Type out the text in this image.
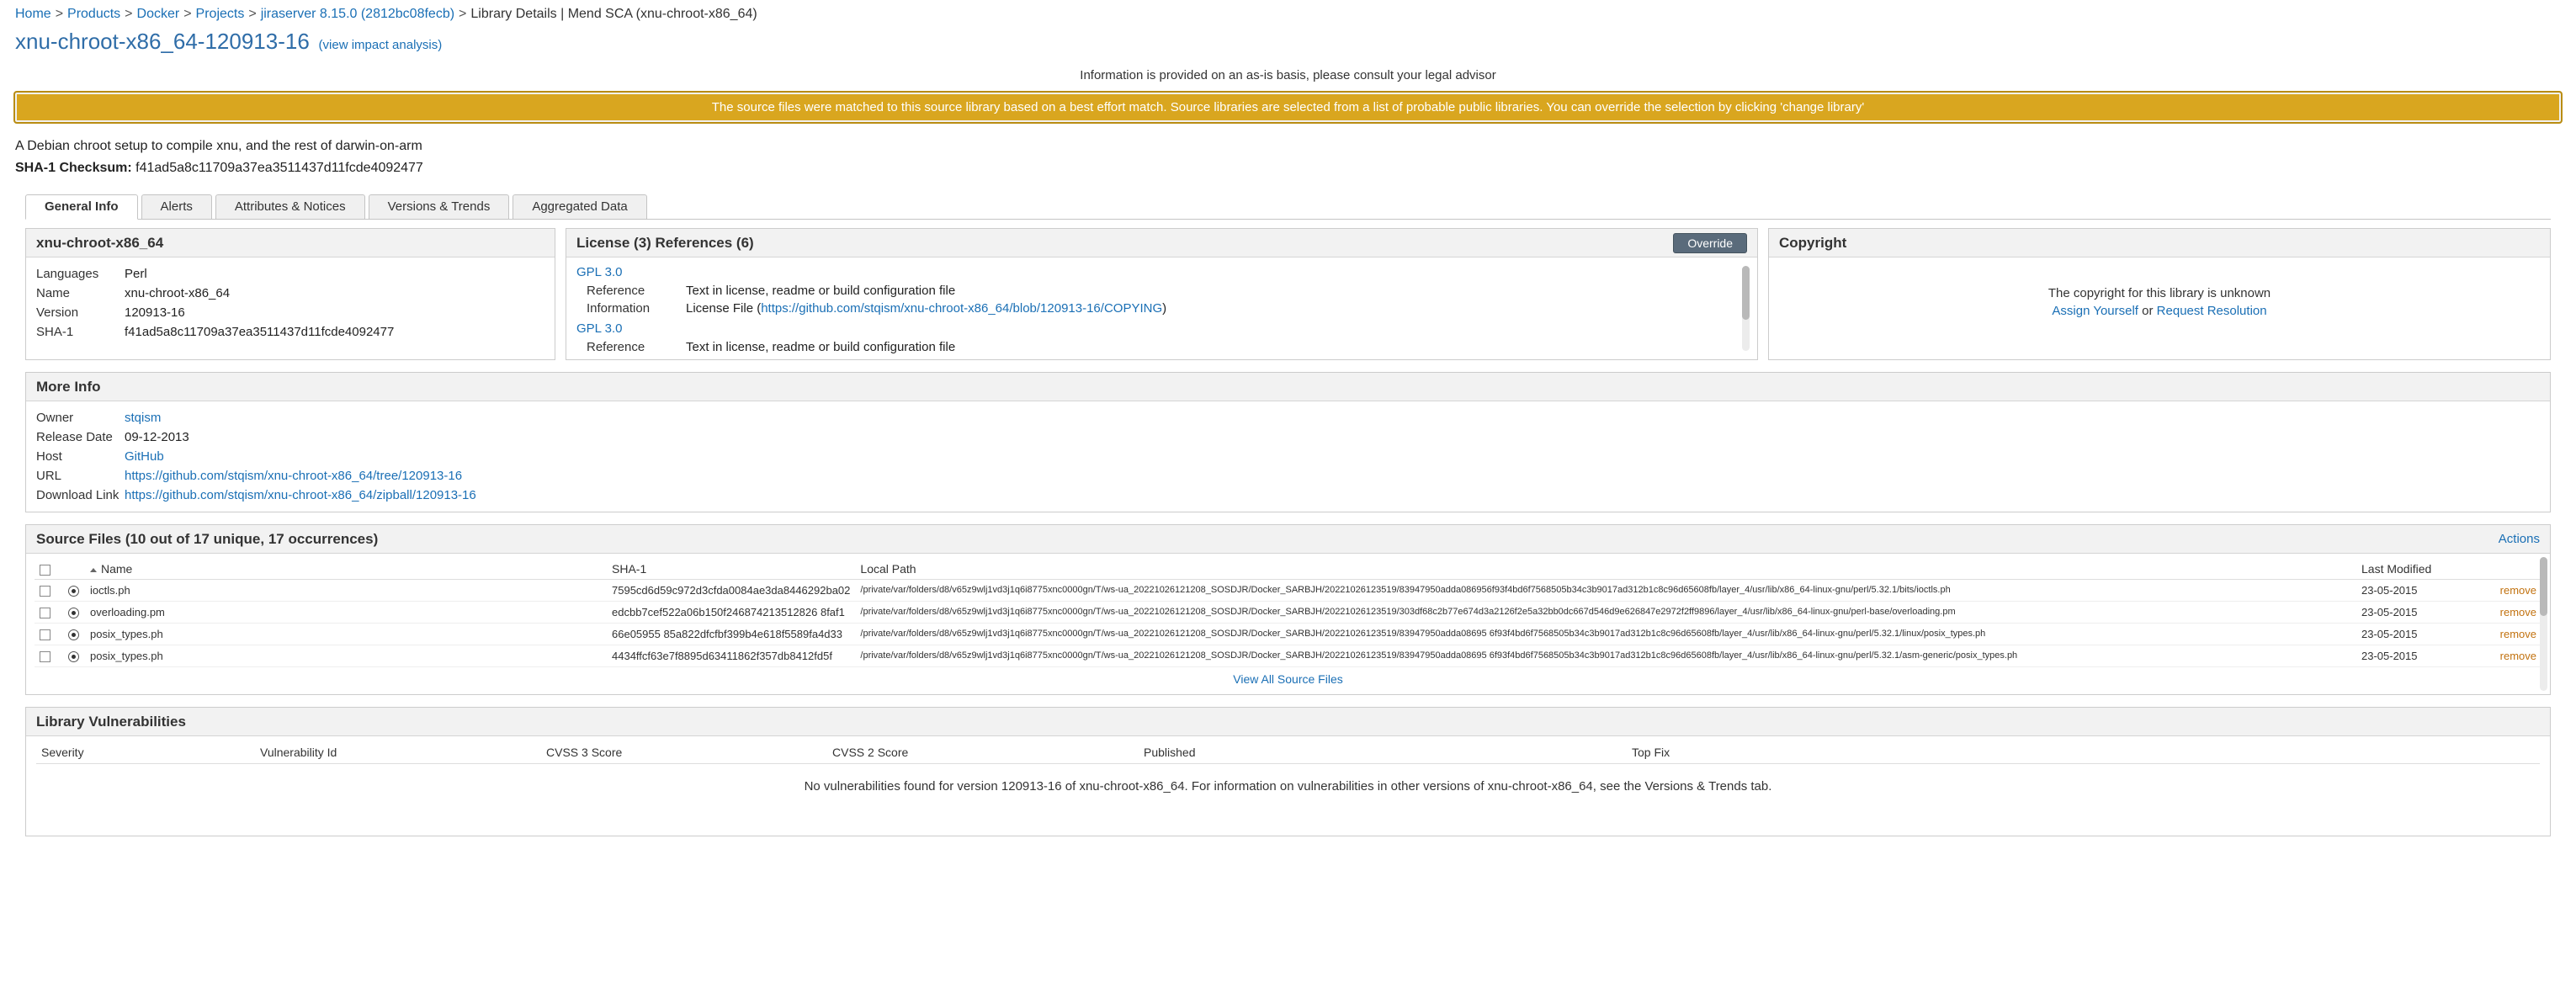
Home > Products > Docker > Projects > jiraserver 8.15.0 (2812bc08fecb) > Library Details | Mend SCA (xnu-chroot-x86_64)
xnu-chroot-x86_64-120913-16 (view impact analysis)
Information is provided on an as-is basis, please consult your legal advisor
The source files were matched to this source library based on a best effort match. Source libraries are selected from a list of probable public libraries. You can override the selection by clicking 'change library'
A Debian chroot setup to compile xnu, and the rest of darwin-on-arm
SHA-1 Checksum: f41ad5a8c11709a37ea3511437d11fcde4092477
General Info	Alerts	Attributes & Notices	Versions & Trends	Aggregated Data
xnu-chroot-x86_64
Languages	Perl
Name	xnu-chroot-x86_64
Version	120913-16
SHA-1	f41ad5a8c11709a37ea3511437d11fcde4092477
License (3) References (6)	Override
GPL 3.0
Reference	Text in license, readme or build configuration file
Information	License File (https://github.com/stqism/xnu-chroot-x86_64/blob/120913-16/COPYING)
GPL 3.0
Reference	Text in license, readme or build configuration file
Copyright
The copyright for this library is unknown
Assign Yourself or Request Resolution
More Info
Owner	stqism
Release Date 09-12-2013
Host	GitHub
URL	https://github.com/stqism/xnu-chroot-x86_64/tree/120913-16
Download Link https://github.com/stqism/xnu-chroot-x86_64/zipball/120913-16
Source Files (10 out of 17 unique, 17 occurrences)	Actions
		Name	SHA-1	Local Path	Last Modified	
		ioctls.ph	7595cd6d59c972d3cfda0084ae3da8446292ba02	/private/var/folders/d8/v65z9wlj1vd3j1q6i8775xnc0000gn/T/ws-ua_20221026121208_SOSDJR/Docker_SARBJH/20221026123519/83947950adda086956f93f4bd6f7568505b34c3b9017ad312b1c8c96d65608fb/layer_4/usr/lib/x86_64-linux-gnu/perl/5.32.1/bits/ioctls.ph	23-05-2015	remove
		overloading.pm	edcbb7cef522a06b150f246874213512826 8faf1	/private/var/folders/d8/v65z9wlj1vd3j1q6i8775xnc0000gn/T/ws-ua_20221026121208_SOSDJR/Docker_SARBJH/20221026123519/303df68c2b77e674d3a2126f2e5a32bb0dc667d546d9e626847e2972f2ff9896/layer_4/usr/lib/x86_64-linux-gnu/perl-base/overloading.pm	23-05-2015	remove
		posix_types.ph	66e05955 85a822dfcfbf399b4e618f5589fa4d33	/private/var/folders/d8/v65z9wlj1vd3j1q6i8775xnc0000gn/T/ws-ua_20221026121208_SOSDJR/Docker_SARBJH/20221026123519/83947950adda08695 6f93f4bd6f7568505b34c3b9017ad312b1c8c96d65608fb/layer_4/usr/lib/x86_64-linux-gnu/perl/5.32.1/linux/posix_types.ph	23-05-2015	remove
		posix_types.ph	4434ffcf63e7f8895d63411862f357db8412fd5f	/private/var/folders/d8/v65z9wlj1vd3j1q6i8775xnc0000gn/T/ws-ua_20221026121208_SOSDJR/Docker_SARBJH/20221026123519/83947950adda08695 6f93f4bd6f7568505b34c3b9017ad312b1c8c96d65608fb/layer_4/usr/lib/x86_64-linux-gnu/perl/5.32.1/asm-generic/posix_types.ph	23-05-2015	remove
View All Source Files
Library Vulnerabilities
Severity	Vulnerability Id	CVSS 3 Score	CVSS 2 Score	Published	Top Fix
No vulnerabilities found for version 120913-16 of xnu-chroot-x86_64. For information on vulnerabilities in other versions of xnu-chroot-x86_64, see the Versions & Trends tab.
